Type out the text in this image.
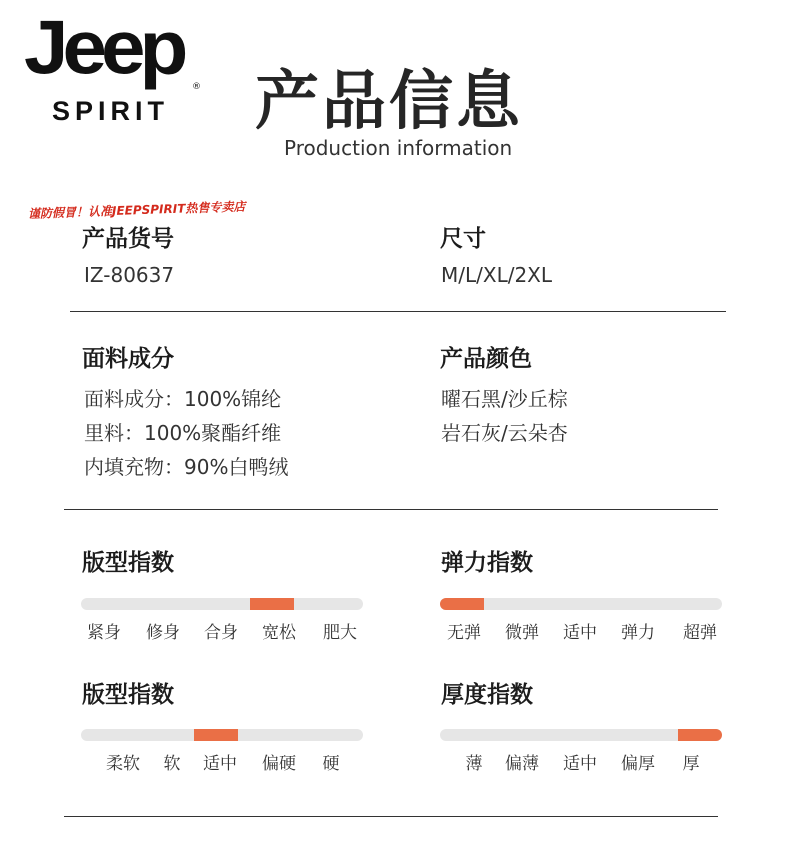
Jeep ®
SPIRIT 产品信息
Production information
谨防假冒！认准JEEPSPIRIT热售专卖店
产品货号
IZ-80637
尺寸
M/L/XL/2XL
面料成分
面料成分：100%锦纶
里料：100%聚酯纤维
内填充物：90%白鸭绒
产品颜色
曜石黑/沙丘棕
岩石灰/云朵杏
版型指数
紧身 修身 合身 宽松 肥大
弹力指数
无弹 微弹 适中 弹力 超弹
版型指数
柔软 软 适中 偏硬 硬
厚度指数
薄 偏薄 适中 偏厚 厚
